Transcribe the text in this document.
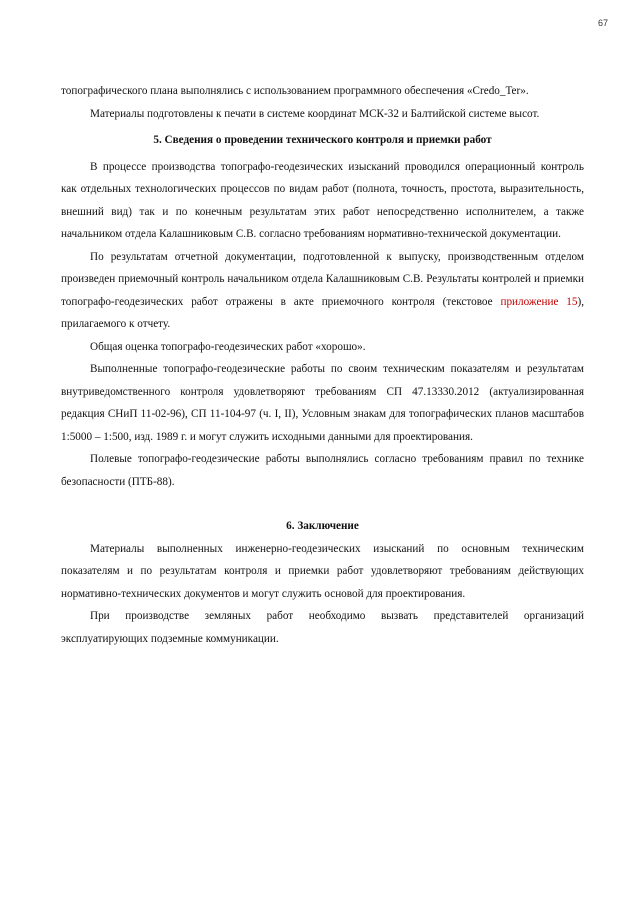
67

топографического плана выполнялись с использованием программного обеспечения «Credo_Ter».

Материалы подготовлены к печати в системе координат МСК-32 и Балтийской системе высот.

5. Сведения о проведении технического контроля и приемки работ

В процессе производства топографо-геодезических изысканий проводился операционный контроль как отдельных технологических процессов по видам работ (полнота, точность, простота, выразительность, внешний вид) так и по конечным результатам этих работ непосредственно исполнителем, а также начальником отдела Калашниковым С.В. согласно требованиям нормативно-технической документации.

По результатам отчетной документации, подготовленной к выпуску, производственным отделом произведен приемочный контроль начальником отдела Калашниковым С.В. Результаты контролей и приемки топографо-геодезических работ отражены в акте приемочного контроля (текстовое приложение 15), прилагаемого к отчету.

Общая оценка топографо-геодезических работ «хорошо».

Выполненные топографо-геодезические работы по своим техническим показателям и результатам внутриведомственного контроля удовлетворяют требованиям СП 47.13330.2012 (актуализированная редакция СНиП 11-02-96), СП 11-104-97 (ч. I, II), Условным знакам для топографических планов масштабов 1:5000 – 1:500, изд. 1989 г. и могут служить исходными данными для проектирования.

Полевые топографо-геодезические работы выполнялись согласно требованиям правил по технике безопасности (ПТБ-88).

6. Заключение

Материалы выполненных инженерно-геодезических изысканий по основным техническим показателям и по результатам контроля и приемки работ удовлетворяют требованиям действующих нормативно-технических документов и могут служить основой для проектирования.

При производстве земляных работ необходимо вызвать представителей организаций эксплуатирующих подземные коммуникации.
